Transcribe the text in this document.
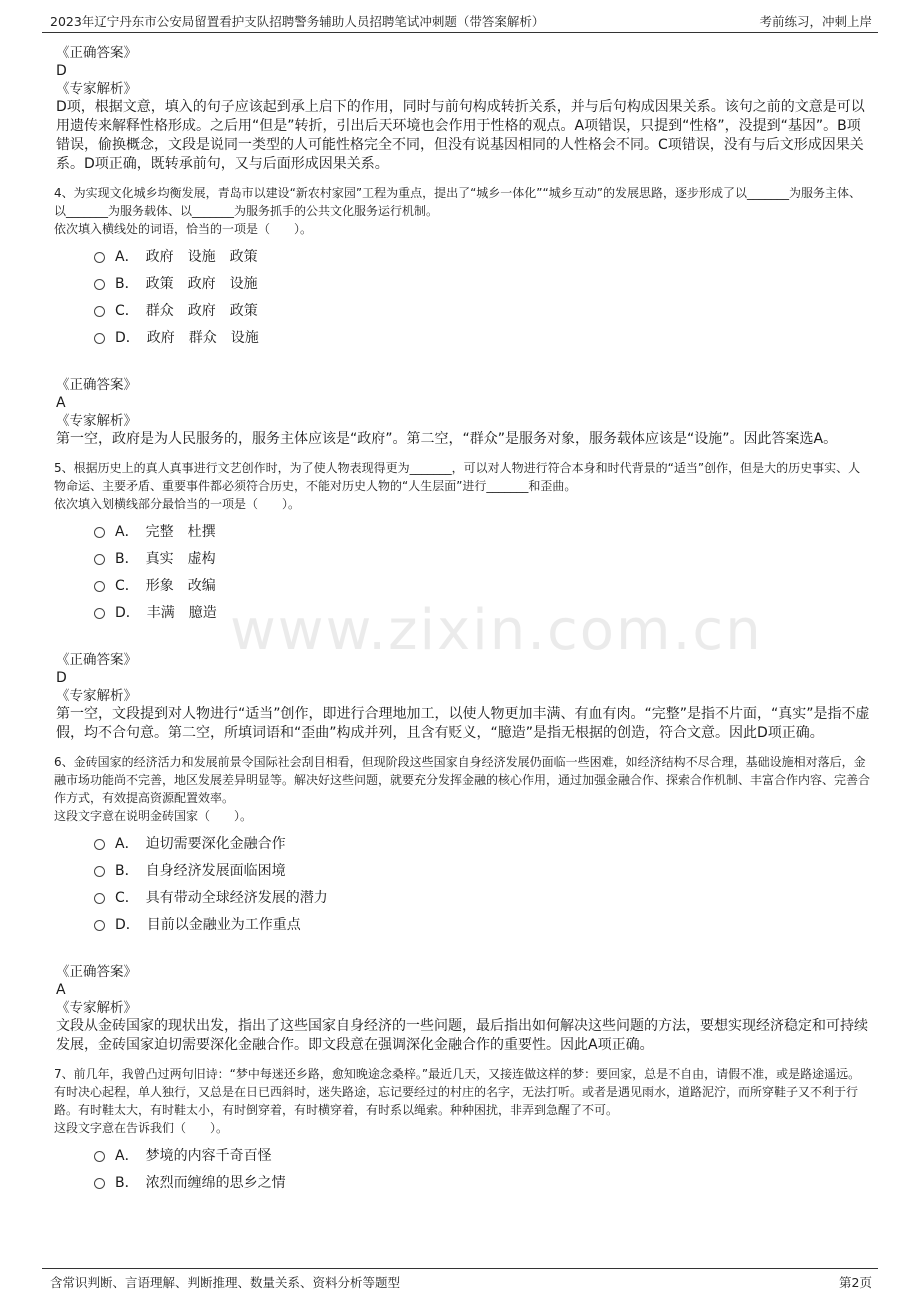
2023年辽宁丹东市公安局留置看护支队招聘警务辅助人员招聘笔试冲刺题（带答案解析）	考前练习，冲刺上岸
www.zixin.com.cn
《正确答案》
D
《专家解析》
D项，根据文意，填入的句子应该起到承上启下的作用，同时与前句构成转折关系，并与后句构成因果关系。该句之前的文意是可以用遗传来解释性格形成。之后用“但是”转折，引出后天环境也会作用于性格的观点。A项错误，只提到“性格”，没提到“基因”。B项错误，偷换概念，文段是说同一类型的人可能性格完全不同，但没有说基因相同的人性格会不同。C项错误，没有与后文形成因果关系。D项正确，既转承前句，又与后面形成因果关系。
4、为实现文化城乡均衡发展，青岛市以建设“新农村家园”工程为重点，提出了“城乡一体化”“城乡互动”的发展思路，逐步形成了以_______为服务主体、以_______为服务载体、以_______为服务抓手的公共文化服务运行机制。
依次填入横线处的词语，恰当的一项是（　　）。
A．　政府　设施　政策
B．　政策　政府　设施
C．　群众　政府　政策
D．　政府　群众　设施
《正确答案》
A
《专家解析》
第一空，政府是为人民服务的，服务主体应该是“政府”。第二空，“群众”是服务对象，服务载体应该是“设施”。因此答案选A。
5、根据历史上的真人真事进行文艺创作时，为了使人物表现得更为_______，可以对人物进行符合本身和时代背景的“适当”创作，但是大的历史事实、人物命运、主要矛盾、重要事件都必须符合历史，不能对历史人物的“人生层面”进行_______和歪曲。
依次填入划横线部分最恰当的一项是（　　）。
A．　完整　杜撰
B．　真实　虚构
C．　形象　改编
D．　丰满　臆造
《正确答案》
D
《专家解析》
第一空，文段提到对人物进行“适当”创作，即进行合理地加工，以使人物更加丰满、有血有肉。“完整”是指不片面，“真实”是指不虚假，均不合句意。第二空，所填词语和“歪曲”构成并列，且含有贬义，“臆造”是指无根据的创造，符合文意。因此D项正确。
6、金砖国家的经济活力和发展前景令国际社会刮目相看，但现阶段这些国家自身经济发展仍面临一些困难，如经济结构不尽合理，基础设施相对落后，金融市场功能尚不完善，地区发展差异明显等。解决好这些问题，就要充分发挥金融的核心作用，通过加强金融合作、探索合作机制、丰富合作内容、完善合作方式，有效提高资源配置效率。
这段文字意在说明金砖国家（　　）。
A．　迫切需要深化金融合作
B．　自身经济发展面临困境
C．　具有带动全球经济发展的潜力
D．　目前以金融业为工作重点
《正确答案》
A
《专家解析》
文段从金砖国家的现状出发，指出了这些国家自身经济的一些问题，最后指出如何解决这些问题的方法，要想实现经济稳定和可持续发展，金砖国家迫切需要深化金融合作。即文段意在强调深化金融合作的重要性。因此A项正确。
7、前几年，我曾凸过两句旧诗：“梦中每迷还乡路，愈知晚途念桑梓。”最近几天，又接连做这样的梦：要回家，总是不自由，请假不准，或是路途遥远。有时决心起程，单人独行，又总是在日已西斜时，迷失路途，忘记要经过的村庄的名字，无法打听。或者是遇见雨水，道路泥泞，而所穿鞋子又不利于行路。有时鞋太大，有时鞋太小，有时倒穿着，有时横穿着，有时系以绳索。种种困扰，非弄到急醒了不可。
这段文字意在告诉我们（　　）。
A．　梦境的内容千奇百怪
B．　浓烈而缠绵的思乡之情
含常识判断、言语理解、判断推理、数量关系、资料分析等题型	第2页
